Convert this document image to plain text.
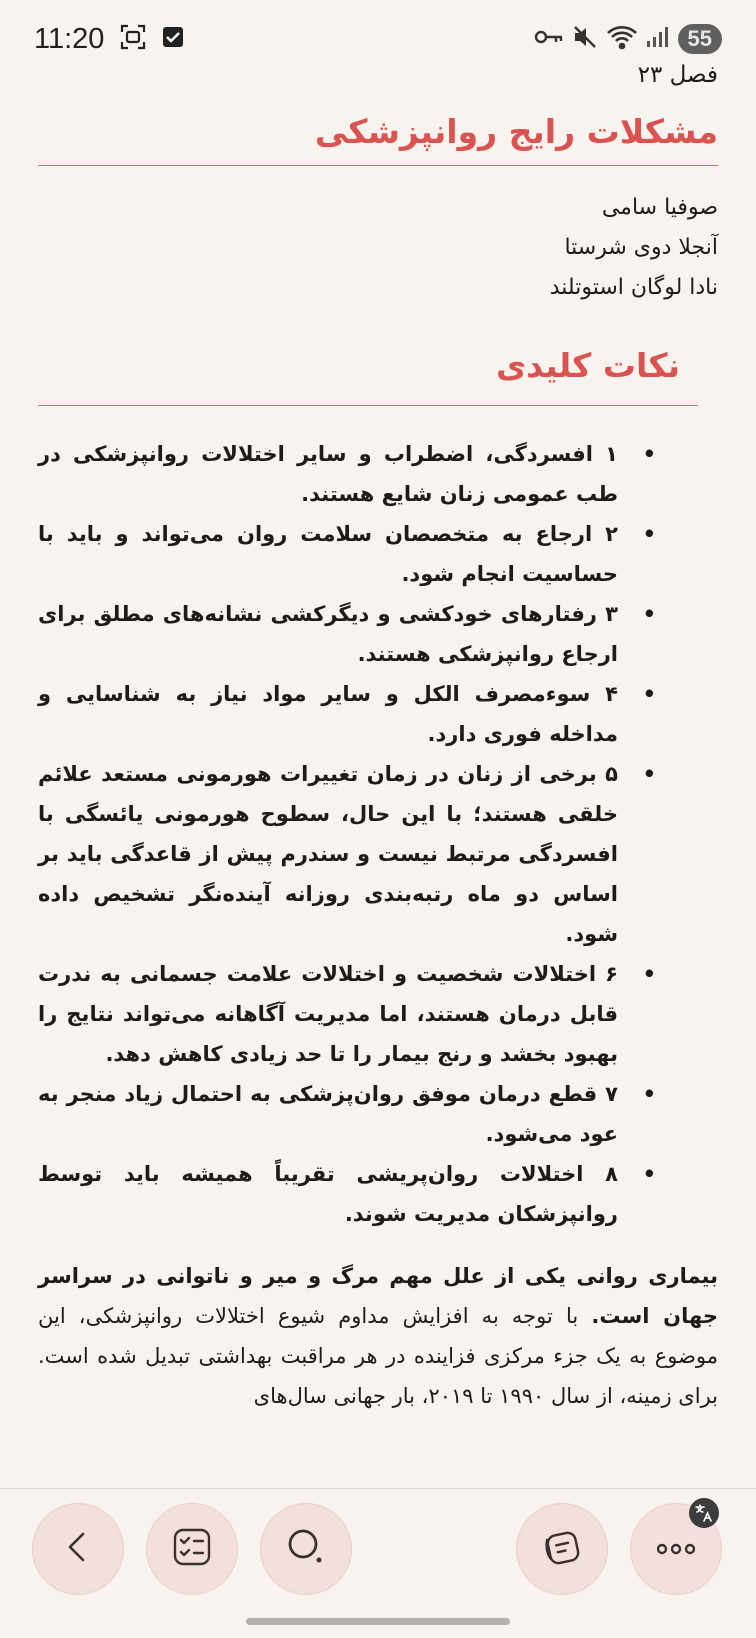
11:20	55
فصل ۲۳
مشکلات رایج روانپزشکی
صوفیا سامی
آنجلا دوی شرستا
نادا لوگان استوتلند
نکات کلیدی
• ۱ افسردگی، اضطراب و سایر اختلالات روانپزشکی در طب عمومی زنان شایع هستند.
• ۲ ارجاع به متخصصان سلامت روان می‌تواند و باید با حساسیت انجام شود.
• ۳ رفتارهای خودکشی و دیگرکشی نشانه‌های مطلق برای ارجاع روانپزشکی هستند.
• ۴ سوءمصرف الکل و سایر مواد نیاز به شناسایی و مداخله فوری دارد.
• ۵ برخی از زنان در زمان تغییرات هورمونی مستعد علائم خلقی هستند؛ با این حال، سطوح هورمونی یائسگی با افسردگی مرتبط نیست و سندرم پیش از قاعدگی باید بر اساس دو ماه رتبه‌بندی روزانه آینده‌نگر تشخیص داده شود.
• ۶ اختلالات شخصیت و اختلالات علامت جسمانی به ندرت قابل درمان هستند، اما مدیریت آگاهانه می‌تواند نتایج را بهبود بخشد و رنج بیمار را تا حد زیادی کاهش دهد.
• ۷ قطع درمان موفق روان‌پزشکی به احتمال زیاد منجر به عود می‌شود.
• ۸ اختلالات روان‌پریشی تقریباً همیشه باید توسط روانپزشکان مدیریت شوند.

بیماری روانی یکی از علل مهم مرگ و میر و ناتوانی در سراسر جهان است. با توجه به افزایش مداوم شیوع اختلالات روانپزشکی، این موضوع به یک جزء مرکزی فزاینده در هر مراقبت بهداشتی تبدیل شده است. برای زمینه، از سال ۱۹۹۰ تا ۲۰۱۹، بار جهانی سال‌های
